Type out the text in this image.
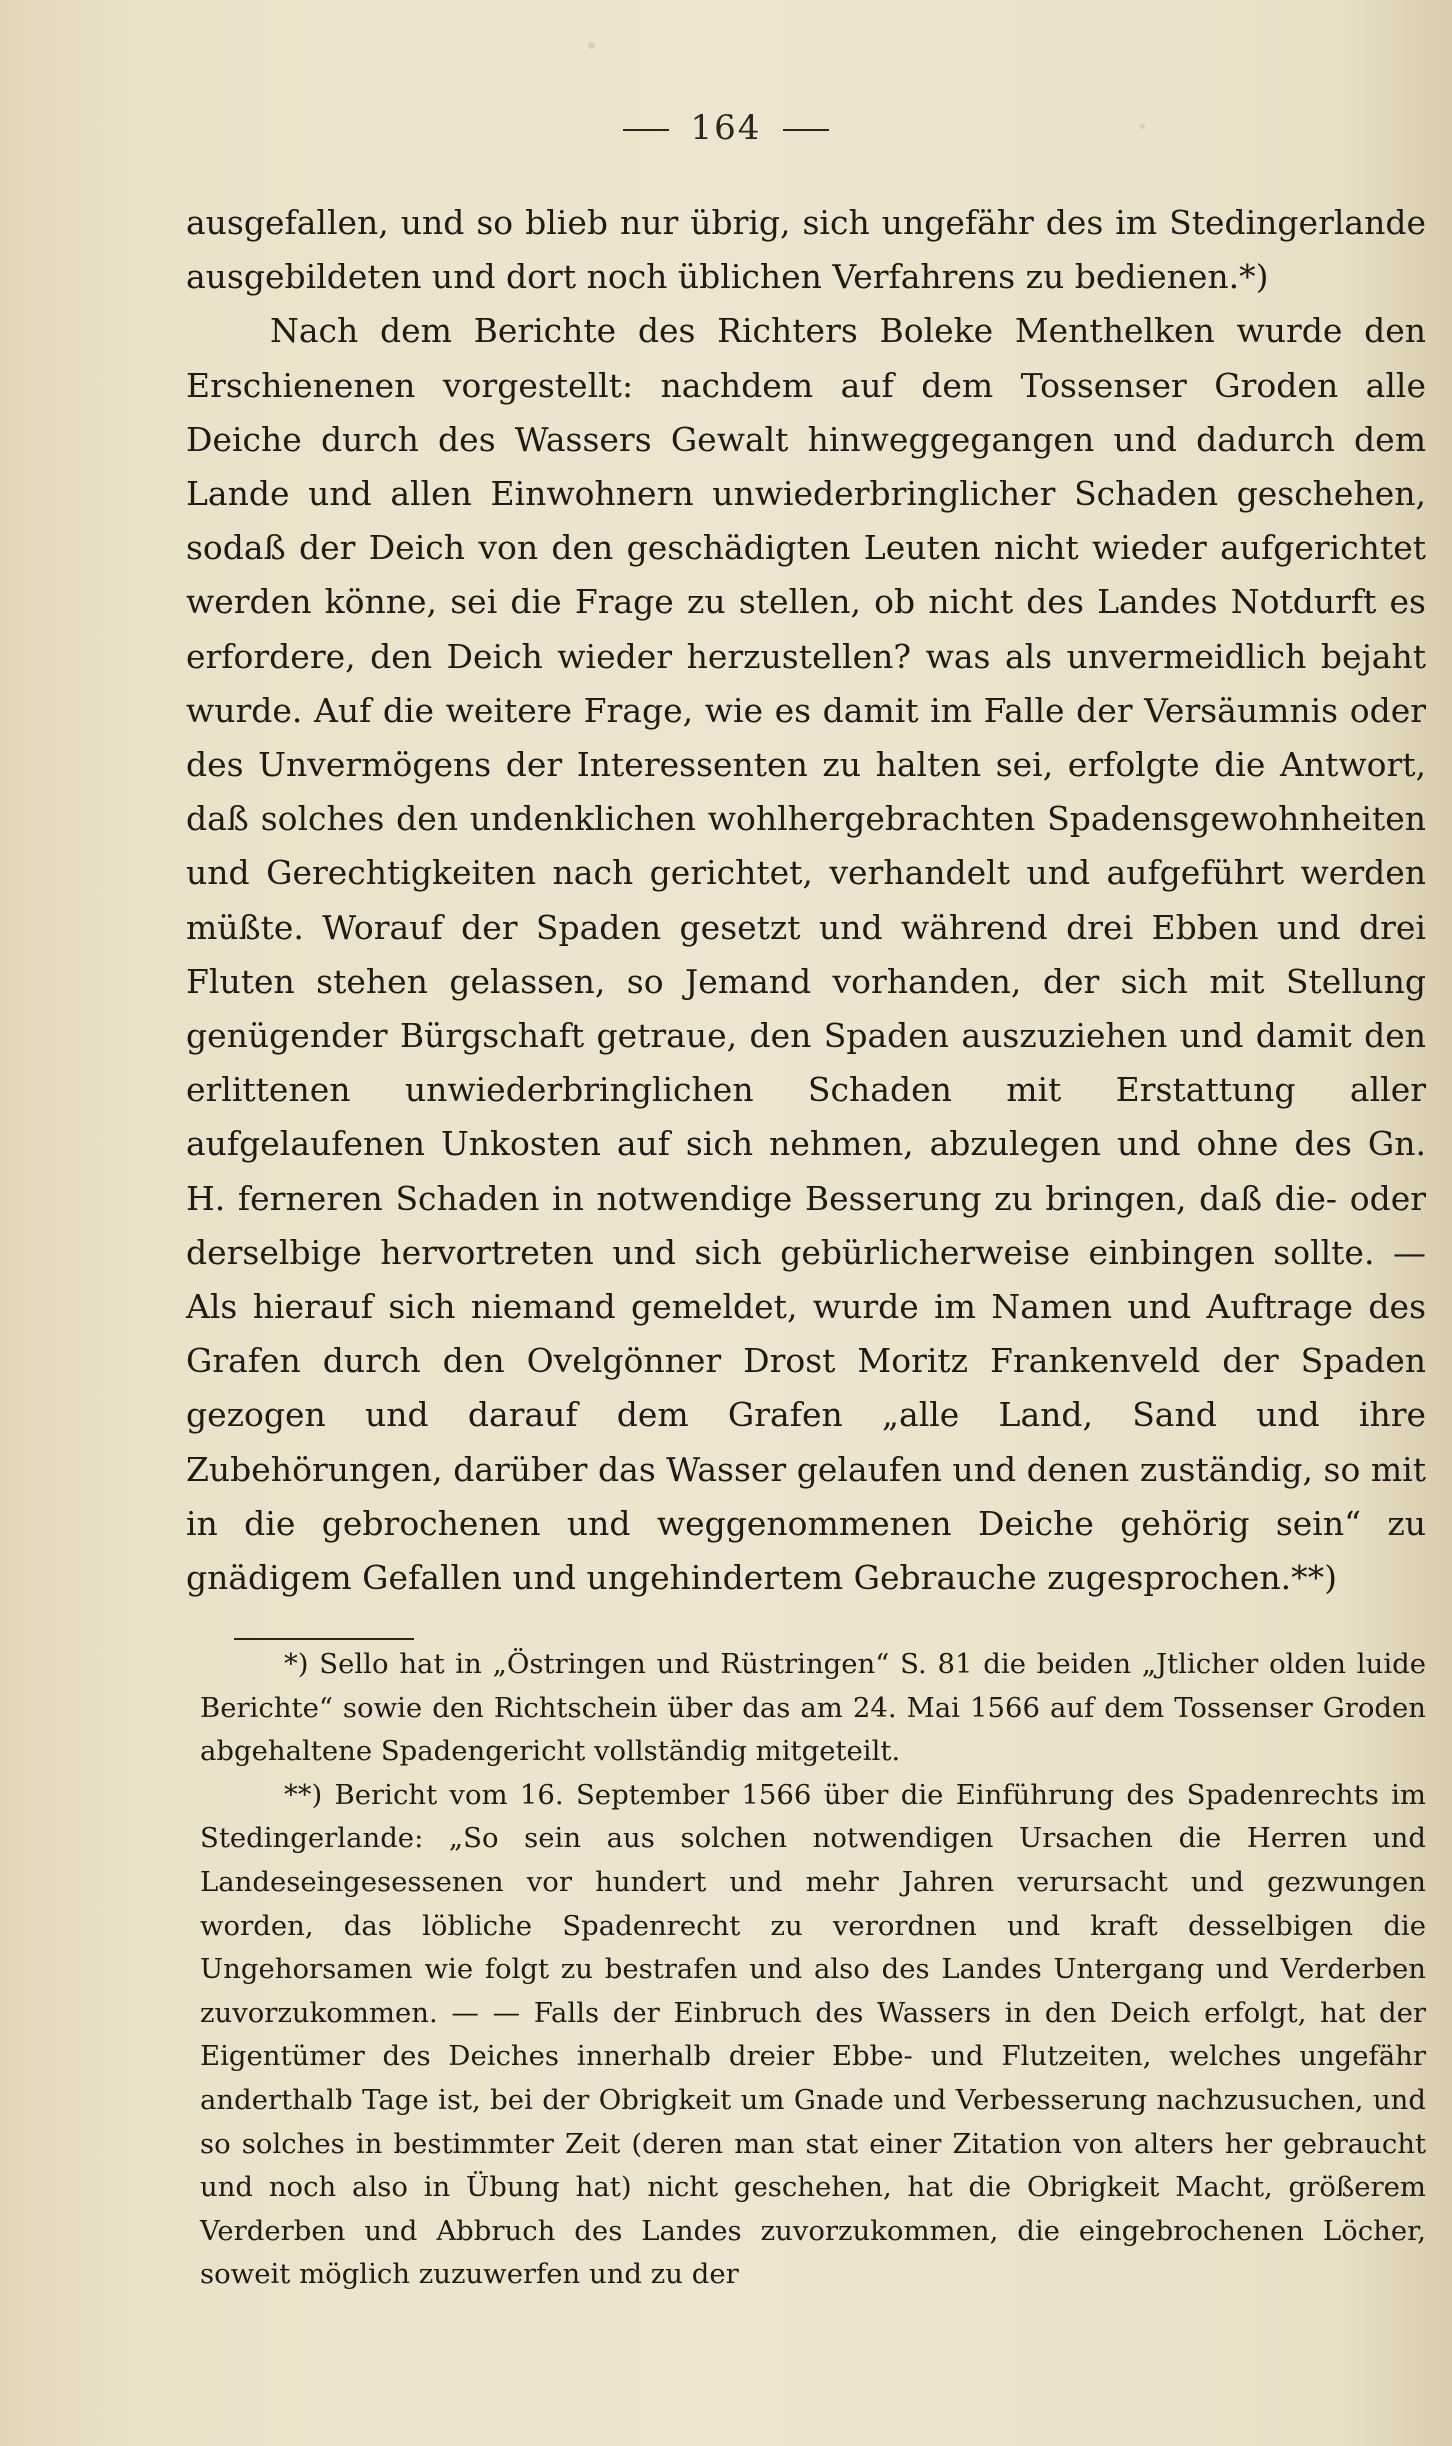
164

ausgefallen, und so blieb nur übrig, sich ungefähr des im Stedingerlande ausgebildeten und dort noch üblichen Verfahrens zu bedienen.*)

Nach dem Berichte des Richters Boleke Menthelken wurde den Erschienenen vorgestellt: nachdem auf dem Tossenser Groden alle Deiche durch des Wassers Gewalt hinweggegangen und dadurch dem Lande und allen Einwohnern unwiederbringlicher Schaden geschehen, sodaß der Deich von den geschädigten Leuten nicht wieder aufgerichtet werden könne, sei die Frage zu stellen, ob nicht des Landes Notdurft es erfordere, den Deich wieder herzustellen? was als unvermeidlich bejaht wurde. Auf die weitere Frage, wie es damit im Falle der Versäumnis oder des Unvermögens der Interessenten zu halten sei, erfolgte die Antwort, daß solches den undenklichen wohlhergebrachten Spadensgewohnheiten und Gerechtigkeiten nach gerichtet, verhandelt und aufgeführt werden müßte. Worauf der Spaden gesetzt und während drei Ebben und drei Fluten stehen gelassen, so Jemand vorhanden, der sich mit Stellung genügender Bürgschaft getraue, den Spaden auszuziehen und damit den erlittenen unwiederbringlichen Schaden mit Erstattung aller aufgelaufenen Unkosten auf sich nehmen, abzulegen und ohne des Gn. H. ferneren Schaden in notwendige Besserung zu bringen, daß die- oder derselbige hervortreten und sich gebürlicherweise einbingen sollte. — Als hierauf sich niemand gemeldet, wurde im Namen und Auftrage des Grafen durch den Ovelgönner Drost Moritz Frankenveld der Spaden gezogen und darauf dem Grafen „alle Land, Sand und ihre Zubehörungen, darüber das Wasser gelaufen und denen zuständig, so mit in die gebrochenen und weggenommenen Deiche gehörig sein“ zu gnädigem Gefallen und ungehindertem Gebrauche zugesprochen.**)

*) Sello hat in „Östringen und Rüstringen“ S. 81 die beiden „Jtlicher olden luide Berichte“ sowie den Richtschein über das am 24. Mai 1566 auf dem Tossenser Groden abgehaltene Spadengericht vollständig mitgeteilt.

**) Bericht vom 16. September 1566 über die Einführung des Spadenrechts im Stedingerlande: „So sein aus solchen notwendigen Ursachen die Herren und Landeseingesessenen vor hundert und mehr Jahren verursacht und gezwungen worden, das löbliche Spadenrecht zu verordnen und kraft desselbigen die Ungehorsamen wie folgt zu bestrafen und also des Landes Untergang und Verderben zuvorzukommen. — — Falls der Einbruch des Wassers in den Deich erfolgt, hat der Eigentümer des Deiches innerhalb dreier Ebbe- und Flutzeiten, welches ungefähr anderthalb Tage ist, bei der Obrigkeit um Gnade und Verbesserung nachzusuchen, und so solches in bestimmter Zeit (deren man stat einer Zitation von alters her gebraucht und noch also in Übung hat) nicht geschehen, hat die Obrigkeit Macht, größerem Verderben und Abbruch des Landes zuvorzukommen, die eingebrochenen Löcher, soweit möglich zuzuwerfen und zu der
